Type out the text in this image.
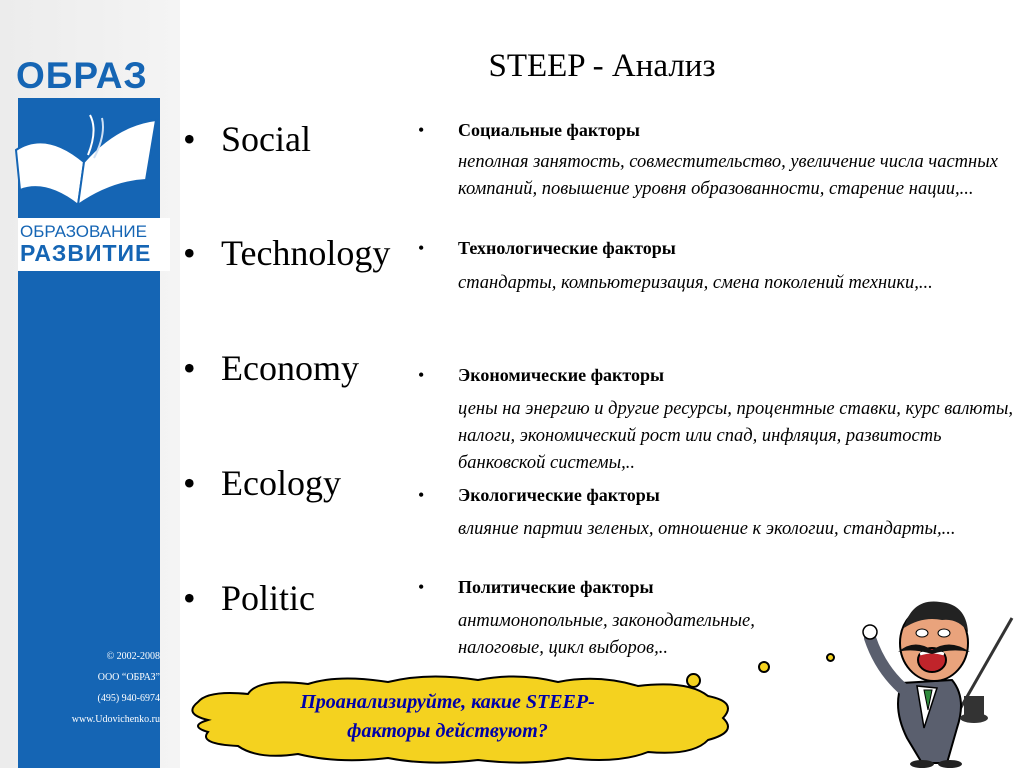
ОБРАЗ
ОБРАЗОВАНИЕ
РАЗВИТИЕ
© 2002-2008
ООО “ОБРАЗ”
(495) 940-6974
www.Udovichenko.ru
STEEP - Анализ
• Social
• Technology
• Economy
• Ecology
• Politic
• Социальные факторы
неполная занятость, совместительство, увеличение числа частных компаний, повышение уровня образованности, старение нации,...
• Технологические факторы
стандарты, компьютеризация, смена поколений техники,...
• Экономические факторы
цены на энергию и другие ресурсы, процентные ставки, курс валюты, налоги, экономический рост или спад, инфляция, развитость банковской системы,..
• Экологические факторы
влияние партии зеленых, отношение к экологии, стандарты,...
• Политические факторы
антимонопольные, законодательные, налоговые, цикл выборов,..
Проанализируйте, какие STEEP-
факторы действуют?
